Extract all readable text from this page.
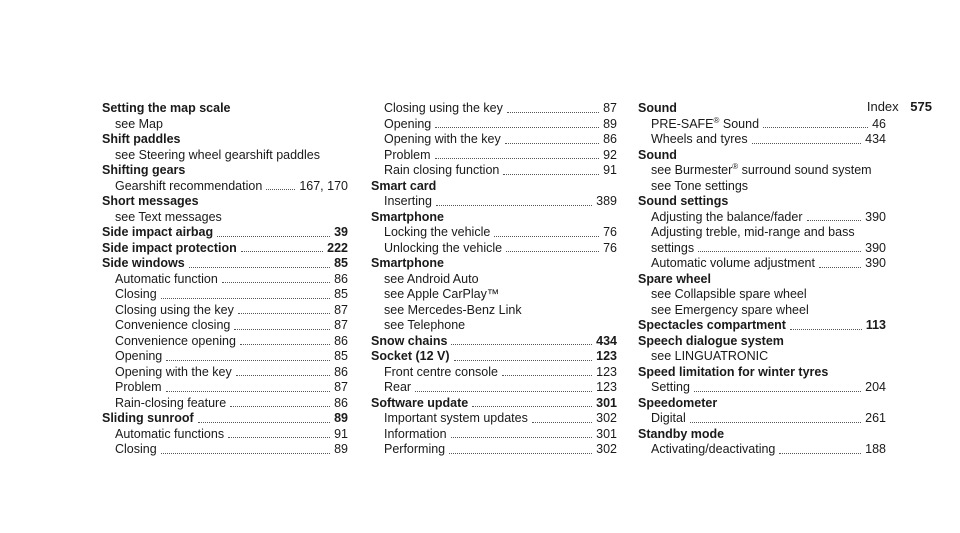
Index 575
Setting the map scale
see Map
Shift paddles
see Steering wheel gearshift paddles
Shifting gears
Gearshift recommendation	167, 170
Short messages
see Text messages
Side impact airbag	39
Side impact protection	222
Side windows	85
Automatic function	86
Closing	85
Closing using the key	87
Convenience closing	87
Convenience opening	86
Opening	85
Opening with the key	86
Problem	87
Rain-closing feature	86
Sliding sunroof	89
Automatic functions	91
Closing	89
Closing using the key	87
Opening	89
Opening with the key	86
Problem	92
Rain closing function	91
Smart card
Inserting	389
Smartphone
Locking the vehicle	76
Unlocking the vehicle	76
Smartphone
see Android Auto
see Apple CarPlay™
see Mercedes-Benz Link
see Telephone
Snow chains	434
Socket (12 V)	123
Front centre console	123
Rear	123
Software update	301
Important system updates	302
Information	301
Performing	302
Sound
PRE-SAFE® Sound	46
Wheels and tyres	434
Sound
see Burmester® surround sound system
see Tone settings
Sound settings
Adjusting the balance/fader	390
Adjusting treble, mid-range and bass
settings	390
Automatic volume adjustment	390
Spare wheel
see Collapsible spare wheel
see Emergency spare wheel
Spectacles compartment	113
Speech dialogue system
see LINGUATRONIC
Speed limitation for winter tyres
Setting	204
Speedometer
Digital	261
Standby mode
Activating/deactivating	188
